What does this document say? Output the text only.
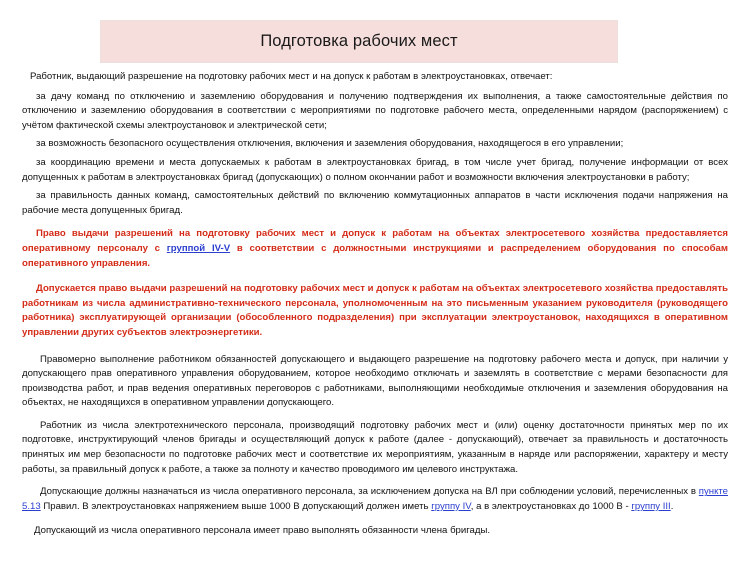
Подготовка рабочих мест

Работник, выдающий разрешение на подготовку рабочих мест и на допуск к работам в электроустановках, отвечает:

за дачу команд по отключению и заземлению оборудования и получению подтверждения их выполнения, а также самостоятельные действия по отключению и заземлению оборудования в соответствии с мероприятиями по подготовке рабочего места, определенными нарядом (распоряжением) с учётом фактической схемы электроустановок и электрической сети;

за возможность безопасного осуществления отключения, включения и заземления оборудования, находящегося в его управлении;

за координацию времени и места допускаемых к работам в электроустановках бригад, в том числе учет бригад, получение информации от всех допущенных к работам в электроустановках бригад (допускающих) о полном окончании работ и возможности включения электроустановки в работу;

за правильность данных команд, самостоятельных действий по включению коммутационных аппаратов в части исключения подачи напряжения на рабочие места допущенных бригад.

Право выдачи разрешений на подготовку рабочих мест и допуск к работам на объектах электросетевого хозяйства предоставляется оперативному персоналу с группой IV-V в соответствии с должностными инструкциями и распределением оборудования по способам оперативного управления.

Допускается право выдачи разрешений на подготовку рабочих мест и допуск к работам на объектах электросетевого хозяйства предоставлять работникам из числа административно-технического персонала, уполномоченным на это письменным указанием руководителя (руководящего работника) эксплуатирующей организации (обособленного подразделения) при эксплуатации электроустановок, находящихся в оперативном управлении других субъектов электроэнергетики.

Правомерно выполнение работником обязанностей допускающего и выдающего разрешение на подготовку рабочего места и допуск, при наличии у допускающего прав оперативного управления оборудованием, которое необходимо отключать и заземлять в соответствие с мерами безопасности для производства работ, и прав ведения оперативных переговоров с работниками, выполняющими необходимые отключения и заземления оборудования на объектах, не находящихся в оперативном управлении допускающего.

Работник из числа электротехнического персонала, производящий подготовку рабочих мест и (или) оценку достаточности принятых мер по их подготовке, инструктирующий членов бригады и осуществляющий допуск к работе (далее - допускающий), отвечает за правильность и достаточность принятых им мер безопасности по подготовке рабочих мест и соответствие их мероприятиям, указанным в наряде или распоряжении, характеру и месту работы, за правильный допуск к работе, а также за полноту и качество проводимого им целевого инструктажа.

Допускающие должны назначаться из числа оперативного персонала, за исключением допуска на ВЛ при соблюдении условий, перечисленных в пункте 5.13 Правил. В электроустановках напряжением выше 1000 В допускающий должен иметь группу IV, а в электроустановках до 1000 В - группу III.

Допускающий из числа оперативного персонала имеет право выполнять обязанности члена бригады.
